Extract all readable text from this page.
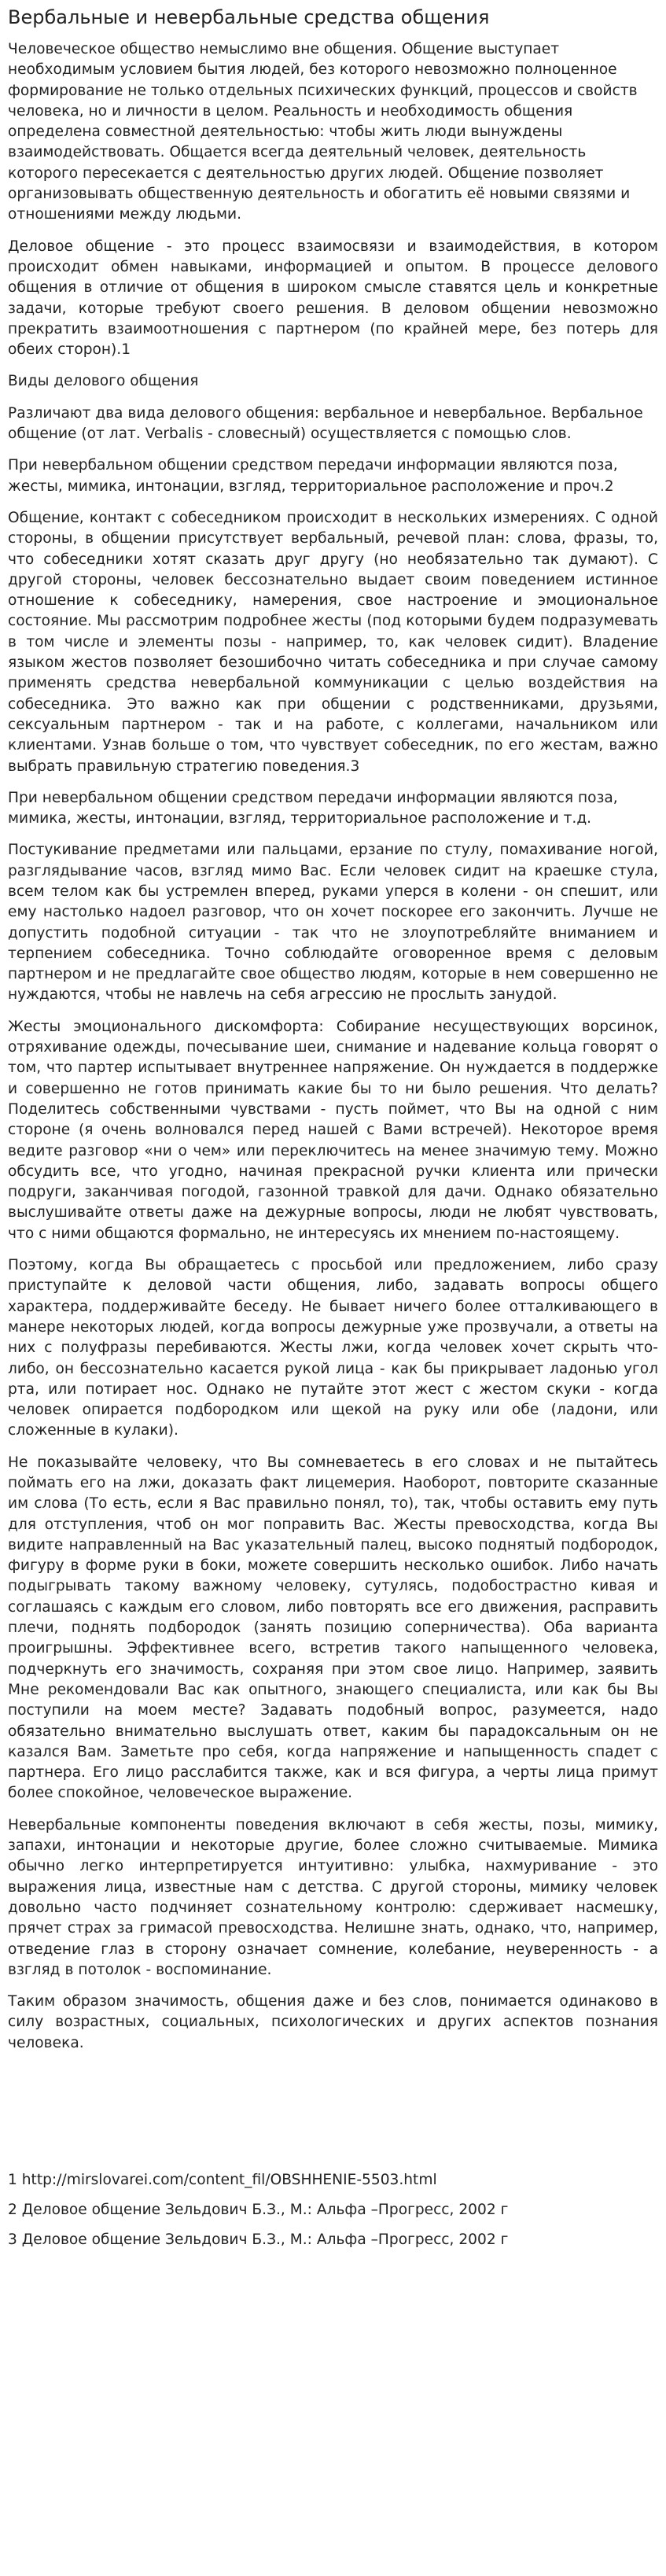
Вербальные и невербальные средства общения

Человеческое общество немыслимо вне общения. Общение выступает необходимым условием бытия людей, без которого невозможно полноценное формирование не только отдельных психических функций, процессов и свойств человека, но и личности в целом. Реальность и необходимость общения определена совместной деятельностью: чтобы жить люди вынуждены взаимодействовать. Общается всегда деятельный человек, деятельность которого пересекается с деятельностью других людей. Общение позволяет организовывать общественную деятельность и обогатить её новыми связями и отношениями между людьми.

Деловое общение - это процесс взаимосвязи и взаимодействия, в котором происходит обмен навыками, информацией и опытом. В процессе делового общения в отличие от общения в широком смысле ставятся цель и конкретные задачи, которые требуют своего решения. В деловом общении невозможно прекратить взаимоотношения с партнером (по крайней мере, без потерь для обеих сторон).1

Виды делового общения

Различают два вида делового общения: вербальное и невербальное. Вербальное общение (от лат. Verbalis - словесный) осуществляется с помощью слов.

При невербальном общении средством передачи информации являются поза, жесты, мимика, интонации, взгляд, территориальное расположение и проч.2

Общение, контакт с собеседником происходит в нескольких измерениях. С одной стороны, в общении присутствует вербальный, речевой план: слова, фразы, то, что собеседники хотят сказать друг другу (но необязательно так думают). С другой стороны, человек бессознательно выдает своим поведением истинное отношение к собеседнику, намерения, свое настроение и эмоциональное состояние. Мы рассмотрим подробнее жесты (под которыми будем подразумевать в том числе и элементы позы - например, то, как человек сидит). Владение языком жестов позволяет безошибочно читать собеседника и при случае самому применять средства невербальной коммуникации с целью воздействия на собеседника. Это важно как при общении с родственниками, друзьями, сексуальным партнером - так и на работе, с коллегами, начальником или клиентами. Узнав больше о том, что чувствует собеседник, по его жестам, важно выбрать правильную стратегию поведения.3

При невербальном общении средством передачи информации являются поза, мимика, жесты, интонации, взгляд, территориальное расположение и т.д.

Постукивание предметами или пальцами, ерзание по стулу, помахивание ногой, разглядывание часов, взгляд мимо Вас. Если человек сидит на краешке стула, всем телом как бы устремлен вперед, руками уперся в колени - он спешит, или ему настолько надоел разговор, что он хочет поскорее его закончить. Лучше не допустить подобной ситуации - так что не злоупотребляйте вниманием и терпением собеседника. Точно соблюдайте оговоренное время с деловым партнером и не предлагайте свое общество людям, которые в нем совершенно не нуждаются, чтобы не навлечь на себя агрессию не прослыть занудой.

Жесты эмоционального дискомфорта: Собирание несуществующих ворсинок, отряхивание одежды, почесывание шеи, снимание и надевание кольца говорят о том, что партер испытывает внутреннее напряжение. Он нуждается в поддержке и совершенно не готов принимать какие бы то ни было решения. Что делать? Поделитесь собственными чувствами - пусть поймет, что Вы на одной с ним стороне (я очень волновался перед нашей с Вами встречей). Некоторое время ведите разговор «ни о чем» или переключитесь на менее значимую тему. Можно обсудить все, что угодно, начиная прекрасной ручки клиента или прически подруги, заканчивая погодой, газонной травкой для дачи. Однако обязательно выслушивайте ответы даже на дежурные вопросы, люди не любят чувствовать, что с ними общаются формально, не интересуясь их мнением по-настоящему.

Поэтому, когда Вы обращаетесь с просьбой или предложением, либо сразу приступайте к деловой части общения, либо, задавать вопросы общего характера, поддерживайте беседу. Не бывает ничего более отталкивающего в манере некоторых людей, когда вопросы дежурные уже прозвучали, а ответы на них с полуфразы перебиваются. Жесты лжи, когда человек хочет скрыть что-либо, он бессознательно касается рукой лица - как бы прикрывает ладонью угол рта, или потирает нос. Однако не путайте этот жест с жестом скуки - когда человек опирается подбородком или щекой на руку или обе (ладони, или сложенные в кулаки).

Не показывайте человеку, что Вы сомневаетесь в его словах и не пытайтесь поймать его на лжи, доказать факт лицемерия. Наоборот, повторите сказанные им слова (То есть, если я Вас правильно понял, то), так, чтобы оставить ему путь для отступления, чтоб он мог поправить Вас. Жесты превосходства, когда Вы видите направленный на Вас указательный палец, высоко поднятый подбородок, фигуру в форме руки в боки, можете совершить несколько ошибок. Либо начать подыгрывать такому важному человеку, сутулясь, подобострастно кивая и соглашаясь с каждым его словом, либо повторять все его движения, расправить плечи, поднять подбородок (занять позицию соперничества). Оба варианта проигрышны. Эффективнее всего, встретив такого напыщенного человека, подчеркнуть его значимость, сохраняя при этом свое лицо. Например, заявить Мне рекомендовали Вас как опытного, знающего специалиста, или как бы Вы поступили на моем месте? Задавать подобный вопрос, разумеется, надо обязательно внимательно выслушать ответ, каким бы парадоксальным он не казался Вам. Заметьте про себя, когда напряжение и напыщенность спадет с партнера. Его лицо расслабится также, как и вся фигура, а черты лица примут более спокойное, человеческое выражение.

Невербальные компоненты поведения включают в себя жесты, позы, мимику, запахи, интонации и некоторые другие, более сложно считываемые. Мимика обычно легко интерпретируется интуитивно: улыбка, нахмуривание - это выражения лица, известные нам с детства. С другой стороны, мимику человек довольно часто подчиняет сознательному контролю: сдерживает насмешку, прячет страх за гримасой превосходства. Нелишне знать, однако, что, например, отведение глаз в сторону означает сомнение, колебание, неуверенность - а взгляд в потолок - воспоминание.

Таким образом значимость, общения даже и без слов, понимается одинаково в силу возрастных, социальных, психологических и других аспектов познания человека.

1 http://mirslovarei.com/content_fil/OBSHHENIE-5503.html

2 Деловое общение Зельдович Б.З., М.: Альфа –Прогресс, 2002 г

3 Деловое общение Зельдович Б.З., М.: Альфа –Прогресс, 2002 г
